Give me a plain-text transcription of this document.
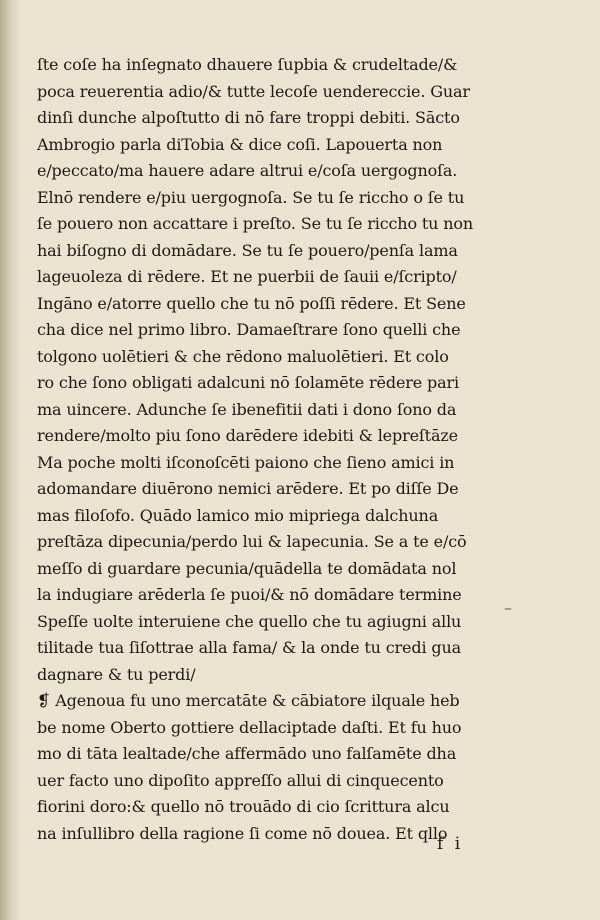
ſte coſe ha inſegnato dhauere ſupbia & crudeltade/&
poca reuerentia adio/& tutte lecoſe uendereccie. Guar
dinſi dunche alpoſtutto di nō fare troppi debiti. Sācto
Ambrogio parla diTobia & dice coſi. Lapouerta non
e/peccato/ma hauere adare altrui e/coſa uergognoſa.
Elnō rendere e/piu uergognoſa. Se tu ſe riccho o ſe tu
ſe pouero non accattare i preſto. Se tu ſe riccho tu non
hai biſogno di domādare. Se tu ſe pouero/penſa lama
lageuoleza di rēdere. Et ne puerbii de ſauii e/ſcripto/
Ingāno e/atorre quello che tu nō poſſi rēdere. Et Sene
cha dice nel primo libro. Damaeſtrare ſono quelli che
tolgono uolētieri & che rēdono maluolētieri. Et colo
ro che ſono obligati adalcuni nō ſolamēte rēdere pari
ma uincere. Adunche ſe ibenefitii dati i dono ſono da
rendere/molto piu ſono darēdere idebiti & lepreſtāze
Ma poche molti iſconoſcēti paiono che ſieno amici in
adomandare diuērono nemici arēdere. Et po diſſe De
mas filoſofo. Quādo lamico mio mipriega dalchuna
preſtāza dipecunia/perdo lui & lapecunia. Se a te e/cō
meſſo di guardare pecunia/quādella te domādata nol
la indugiare arēderla ſe puoi/& nō domādare termine
Speſſe uolte interuiene che quello che tu agiugni allu
tilitade tua ſiſottrae alla fama/ & la onde tu credi gua
dagnare & tu perdi/
❡ Agenoua fu uno mercatāte & cābiatore ilquale heb
be nome Oberto gottiere dellaciptade daſti. Et fu huo
mo di tāta lealtade/che affermādo uno falſamēte dha
uer facto uno dipoſito appreſſo allui di cinquecento
fiorini doro:& quello nō trouādo di cio ſcrittura alcu
na inſullibro della ragione ſi come nō douea. Et qllo
–
f i
